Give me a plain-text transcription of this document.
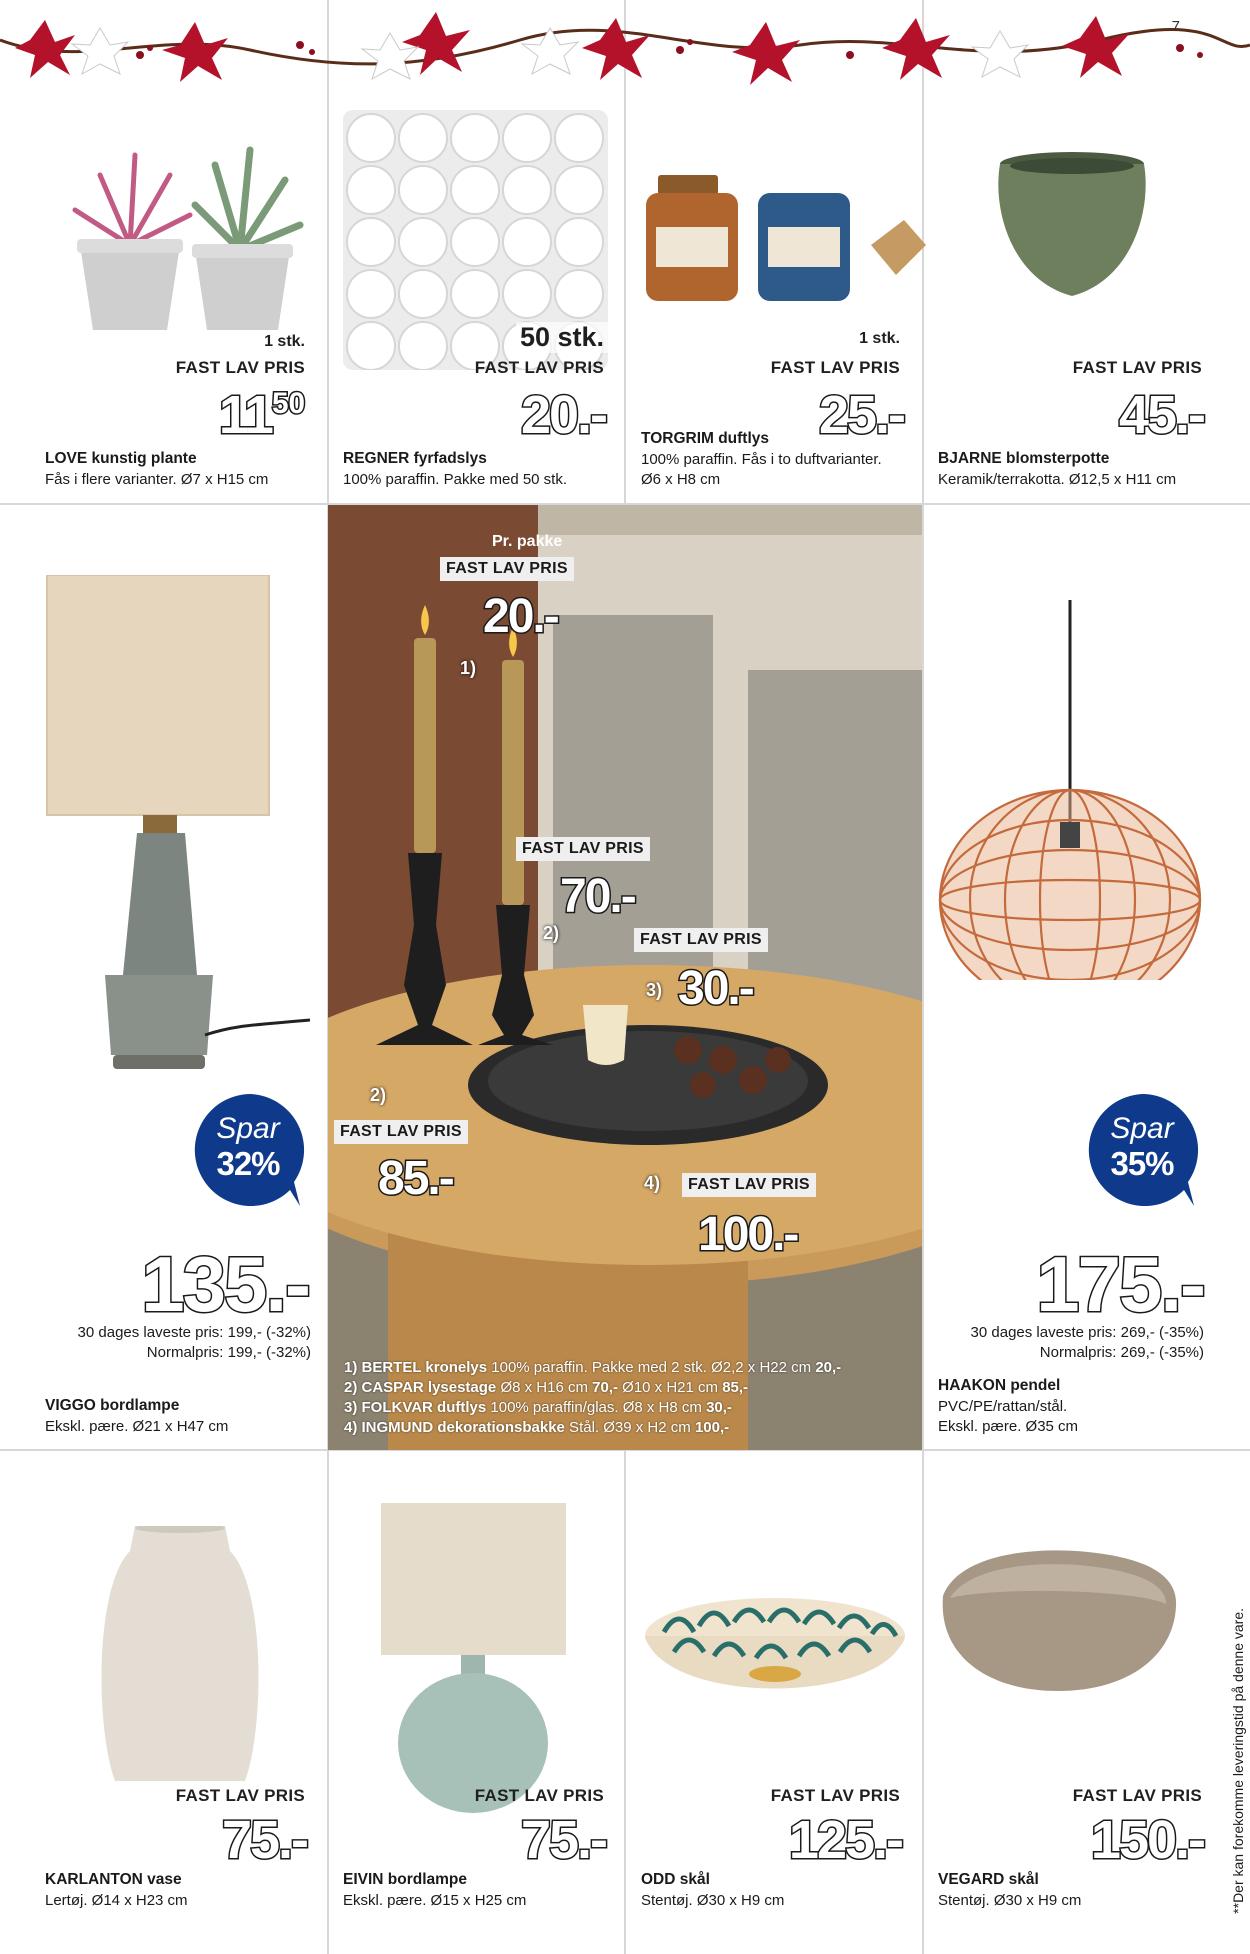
7
1 stk.
FAST LAV PRIS
$11^{50}$
LOVE kunstig plante
Fås i flere varianter. Ø7 x H15 cm
50 stk.
FAST LAV PRIS
20.-
REGNER fyrfadslys
100% paraffin. Pakke med 50 stk.
1 stk.
FAST LAV PRIS
25.-
TORGRIM duftlys
100% paraffin. Fås i to duftvarianter.
Ø6 x H8 cm
FAST LAV PRIS
45.-
BJARNE blomsterpotte
Keramik/terrakotta. Ø12,5 x H11 cm
Spar
32%
135.-
30 dages laveste pris: 199,- (-32%)
Normalpris: 199,- (-32%)
VIGGO bordlampe
Ekskl. pære. Ø21 x H47 cm
Pr. pakke
FAST LAV PRIS
20.-
1)
FAST LAV PRIS
70.-
2)	FAST LAV PRIS
30.-
3)
2)
FAST LAV PRIS
85.-	4)	FAST LAV PRIS
100.-
1) BERTEL kronelys 100% paraffin. Pakke med 2 stk. Ø2,2 x H22 cm 20,-
2) CASPAR lysestage Ø8 x H16 cm 70,- Ø10 x H21 cm 85,-
3) FOLKVAR duftlys 100% paraffin/glas. Ø8 x H8 cm 30,-
4) INGMUND dekorationsbakke Stål. Ø39 x H2 cm 100,-
Spar
35%
175.-
30 dages laveste pris: 269,- (-35%)
Normalpris: 269,- (-35%)
HAAKON pendel
PVC/PE/rattan/stål.
Ekskl. pære. Ø35 cm
FAST LAV PRIS
75.-
KARLANTON vase
Lertøj. Ø14 x H23 cm
FAST LAV PRIS
75.-
EIVIN bordlampe
Ekskl. pære. Ø15 x H25 cm
FAST LAV PRIS
125.-
ODD skål
Stentøj. Ø30 x H9 cm
FAST LAV PRIS
150.-
VEGARD skål
Stentøj. Ø30 x H9 cm	**Der kan forekomme leveringstid på denne vare.
